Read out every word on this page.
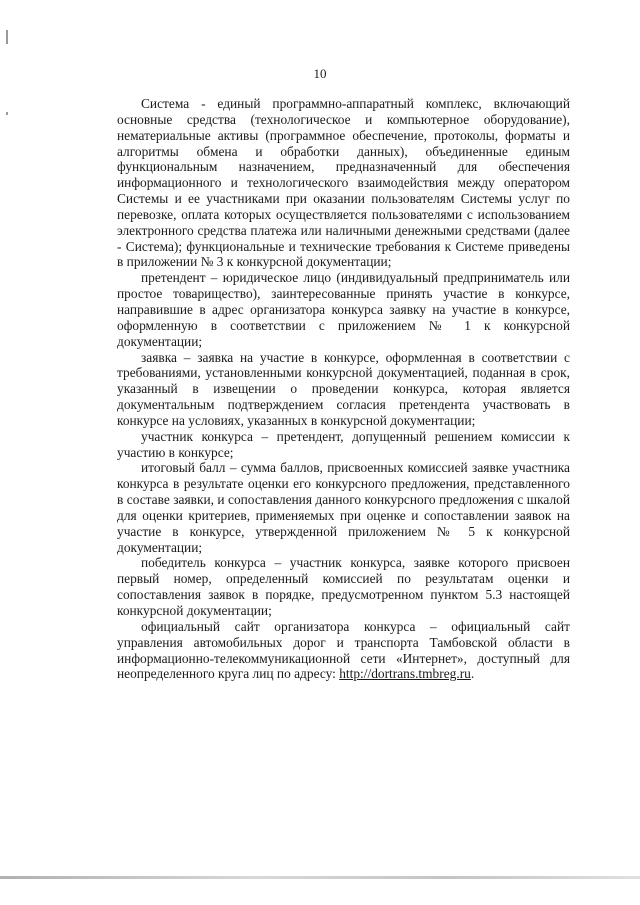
10

Система - единый программно-аппаратный комплекс, включающий основные средства (технологическое и компьютерное оборудование), нематериальные активы (программное обеспечение, протоколы, форматы и алгоритмы обмена и обработки данных), объединенные единым функциональным назначением, предназначенный для обеспечения информационного и технологического взаимодействия между оператором Системы и ее участниками при оказании пользователям Системы услуг по перевозке, оплата которых осуществляется пользователями с использованием электронного средства платежа или наличными денежными средствами (далее - Система); функциональные и технические требования к Системе приведены в приложении № 3 к конкурсной документации;

претендент – юридическое лицо (индивидуальный предприниматель или простое товарищество), заинтересованные принять участие в конкурсе, направившие в адрес организатора конкурса заявку на участие в конкурсе, оформленную в соответствии с приложением № 1 к конкурсной документации;

заявка – заявка на участие в конкурсе, оформленная в соответствии с требованиями, установленными конкурсной документацией, поданная в срок, указанный в извещении о проведении конкурса, которая является документальным подтверждением согласия претендента участвовать в конкурсе на условиях, указанных в конкурсной документации;

участник конкурса – претендент, допущенный решением комиссии к участию в конкурсе;

итоговый балл – сумма баллов, присвоенных комиссией заявке участника конкурса в результате оценки его конкурсного предложения, представленного в составе заявки, и сопоставления данного конкурсного предложения с шкалой для оценки критериев, применяемых при оценке и сопоставлении заявок на участие в конкурсе, утвержденной приложением № 5 к конкурсной документации;

победитель конкурса – участник конкурса, заявке которого присвоен первый номер, определенный комиссией по результатам оценки и сопоставления заявок в порядке, предусмотренном пунктом 5.3 настоящей конкурсной документации;

официальный сайт организатора конкурса – официальный сайт управления автомобильных дорог и транспорта Тамбовской области в информационно-телекоммуникационной сети «Интернет», доступный для неопределенного круга лиц по адресу: http://dortrans.tmbreg.ru.
